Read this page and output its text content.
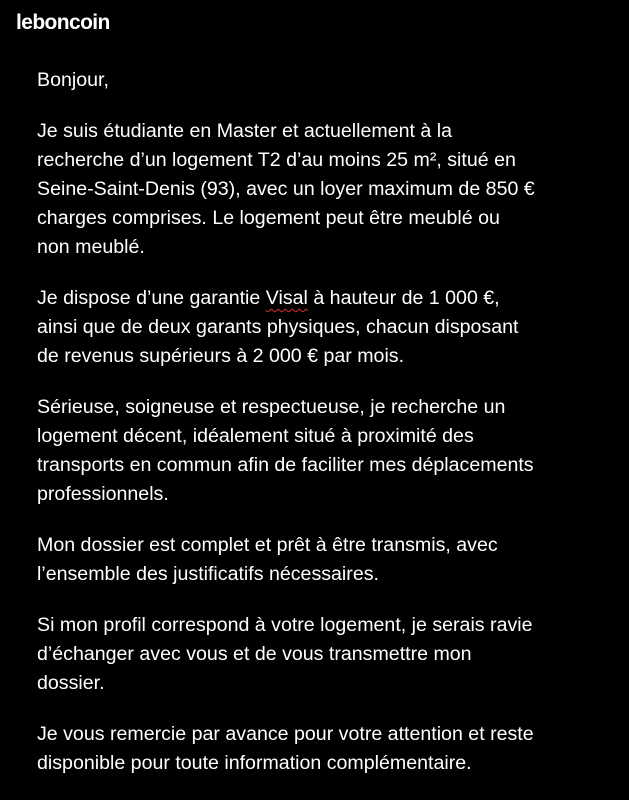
leboncoin
Bonjour,
Je suis étudiante en Master et actuellement à la
recherche d’un logement T2 d’au moins 25 m², situé en
Seine-Saint-Denis (93), avec un loyer maximum de 850 €
charges comprises. Le logement peut être meublé ou
non meublé.
Je dispose d’une garantie Visal à hauteur de 1 000 €,
ainsi que de deux garants physiques, chacun disposant
de revenus supérieurs à 2 000 € par mois.
Sérieuse, soigneuse et respectueuse, je recherche un
logement décent, idéalement situé à proximité des
transports en commun afin de faciliter mes déplacements
professionnels.
Mon dossier est complet et prêt à être transmis, avec
l’ensemble des justificatifs nécessaires.
Si mon profil correspond à votre logement, je serais ravie
d’échanger avec vous et de vous transmettre mon
dossier.
Je vous remercie par avance pour votre attention et reste
disponible pour toute information complémentaire.
